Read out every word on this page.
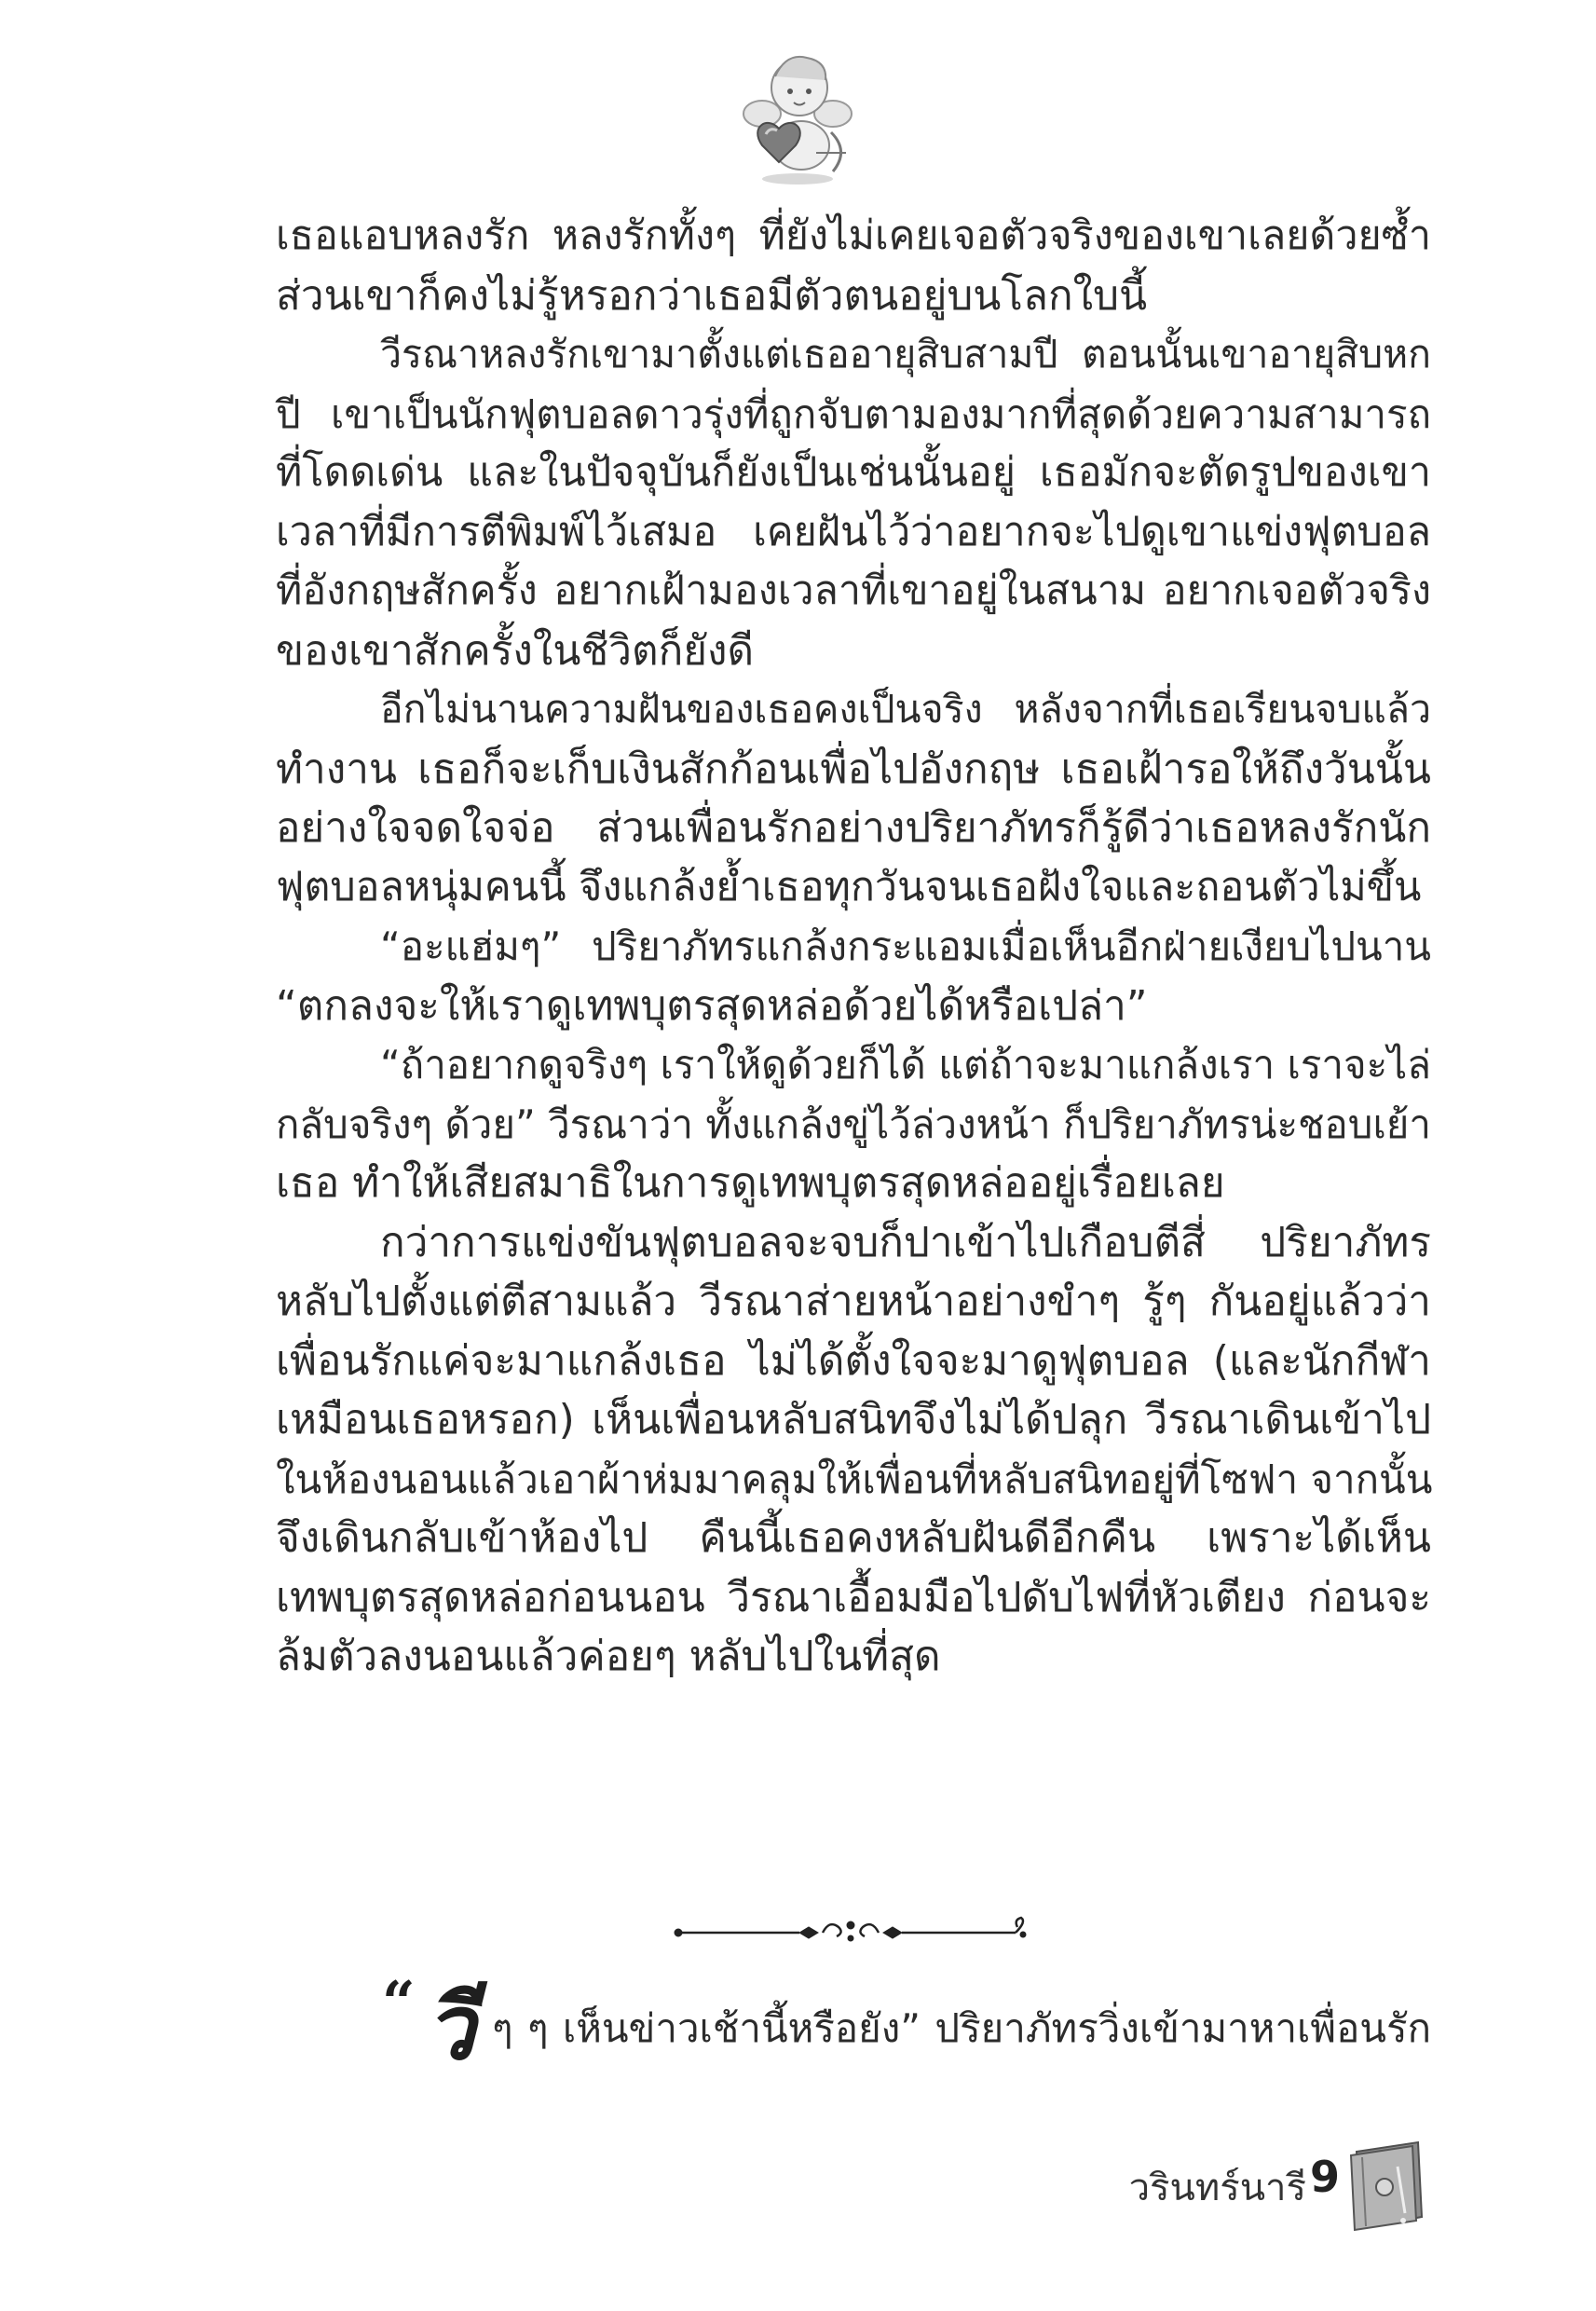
เธอแอบหลงรัก หลงรักทั้งๆ ที่ยังไม่เคยเจอตัวจริงของเขาเลยด้วยซ้ำ
ส่วนเขาก็คงไม่รู้หรอกว่าเธอมีตัวตนอยู่บนโลกใบนี้
วีรณาหลงรักเขามาตั้งแต่เธออายุสิบสามปี ตอนนั้นเขาอายุสิบหก
ปี เขาเป็นนักฟุตบอลดาวรุ่งที่ถูกจับตามองมากที่สุดด้วยความสามารถ
ที่โดดเด่น และในปัจจุบันก็ยังเป็นเช่นนั้นอยู่ เธอมักจะตัดรูปของเขา
เวลาที่มีการตีพิมพ์ไว้เสมอ เคยฝันไว้ว่าอยากจะไปดูเขาแข่งฟุตบอล
ที่อังกฤษสักครั้ง อยากเฝ้ามองเวลาที่เขาอยู่ในสนาม อยากเจอตัวจริง
ของเขาสักครั้งในชีวิตก็ยังดี
อีกไม่นานความฝันของเธอคงเป็นจริง หลังจากที่เธอเรียนจบแล้ว
ทำงาน เธอก็จะเก็บเงินสักก้อนเพื่อไปอังกฤษ เธอเฝ้ารอให้ถึงวันนั้น
อย่างใจจดใจจ่อ ส่วนเพื่อนรักอย่างปริยาภัทรก็รู้ดีว่าเธอหลงรักนัก
ฟุตบอลหนุ่มคนนี้ จึงแกล้งย้ำเธอทุกวันจนเธอฝังใจและถอนตัวไม่ขึ้น
“อะแฮ่มๆ” ปริยาภัทรแกล้งกระแอมเมื่อเห็นอีกฝ่ายเงียบไปนาน
“ตกลงจะให้เราดูเทพบุตรสุดหล่อด้วยได้หรือเปล่า”
“ถ้าอยากดูจริงๆ เราให้ดูด้วยก็ได้ แต่ถ้าจะมาแกล้งเรา เราจะไล่
กลับจริงๆ ด้วย” วีรณาว่า ทั้งแกล้งขู่ไว้ล่วงหน้า ก็ปริยาภัทรน่ะชอบเย้า
เธอ ทำให้เสียสมาธิในการดูเทพบุตรสุดหล่ออยู่เรื่อยเลย
กว่าการแข่งขันฟุตบอลจะจบก็ปาเข้าไปเกือบตีสี่ ปริยาภัทร
หลับไปตั้งแต่ตีสามแล้ว วีรณาส่ายหน้าอย่างขำๆ รู้ๆ กันอยู่แล้วว่า
เพื่อนรักแค่จะมาแกล้งเธอ ไม่ได้ตั้งใจจะมาดูฟุตบอล (และนักกีฬา
เหมือนเธอหรอก) เห็นเพื่อนหลับสนิทจึงไม่ได้ปลุก วีรณาเดินเข้าไป
ในห้องนอนแล้วเอาผ้าห่มมาคลุมให้เพื่อนที่หลับสนิทอยู่ที่โซฟา จากนั้น
จึงเดินกลับเข้าห้องไป คืนนี้เธอคงหลับฝันดีอีกคืน เพราะได้เห็น
เทพบุตรสุดหล่อก่อนนอน วีรณาเอื้อมมือไปดับไฟที่หัวเตียง ก่อนจะ
ล้มตัวลงนอนแล้วค่อยๆ หลับไปในที่สุด
“ วี ๆ ๆ เห็นข่าวเช้านี้หรือยัง” ปริยาภัทรวิ่งเข้ามาหาเพื่อนรัก
วรินทร์นารี 9
